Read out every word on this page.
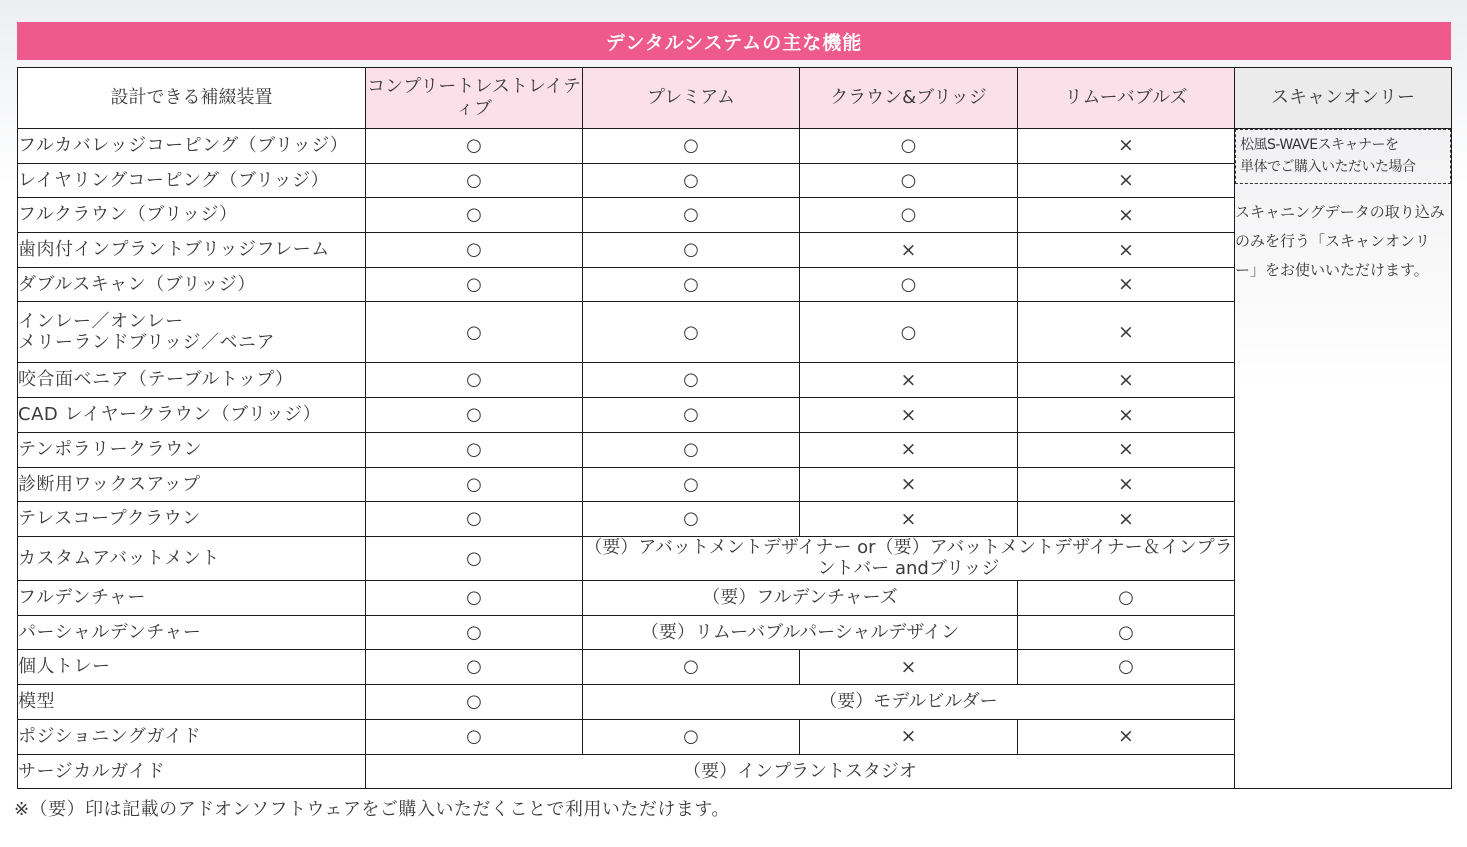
デンタルシステムの主な機能
設計できる補綴装置	コンプリートレストレイティブ	プレミアム	クラウン&ブリッジ	リムーバブルズ	スキャンオンリー

フルカバレッジコーピング（ブリッジ）	○	○	○	×	松風S-WAVEスキャナーを
単体でご購入いただいた場合
スキャニングデータの取り込みのみを行う「スキャンオンリー」をお使いいただけます。

レイヤリングコーピング（ブリッジ）	○	○	○	×	

フルクラウン（ブリッジ）	○	○	○	×	

歯肉付インプラントブリッジフレーム	○	○	×	×	

ダブルスキャン（ブリッジ）	○	○	○	×	

インレー／オンレー
メリーランドブリッジ／ベニア	○	○	○	×	

咬合面ベニア（テーブルトップ）	○	○	×	×	

CAD レイヤークラウン（ブリッジ）	○	○	×	×	

テンポラリークラウン	○	○	×	×	

診断用ワックスアップ	○	○	×	×	

テレスコープクラウン	○	○	×	×	

カスタムアバットメント	○	（要）アバットメントデザイナー or（要）アバットメントデザイナー＆インプラントバー andブリッジ			

フルデンチャー	○	（要）フルデンチャーズ		○	

パーシャルデンチャー	○	（要）リムーバブルパーシャルデザイン		○	

個人トレー	○	○	×	○	

模型	○	（要）モデルビルダー			

ポジショニングガイド	○	○	×	×	

サージカルガイド	（要）インプラントスタジオ				
※（要）印は記載のアドオンソフトウェアをご購入いただくことで利用いただけます。
